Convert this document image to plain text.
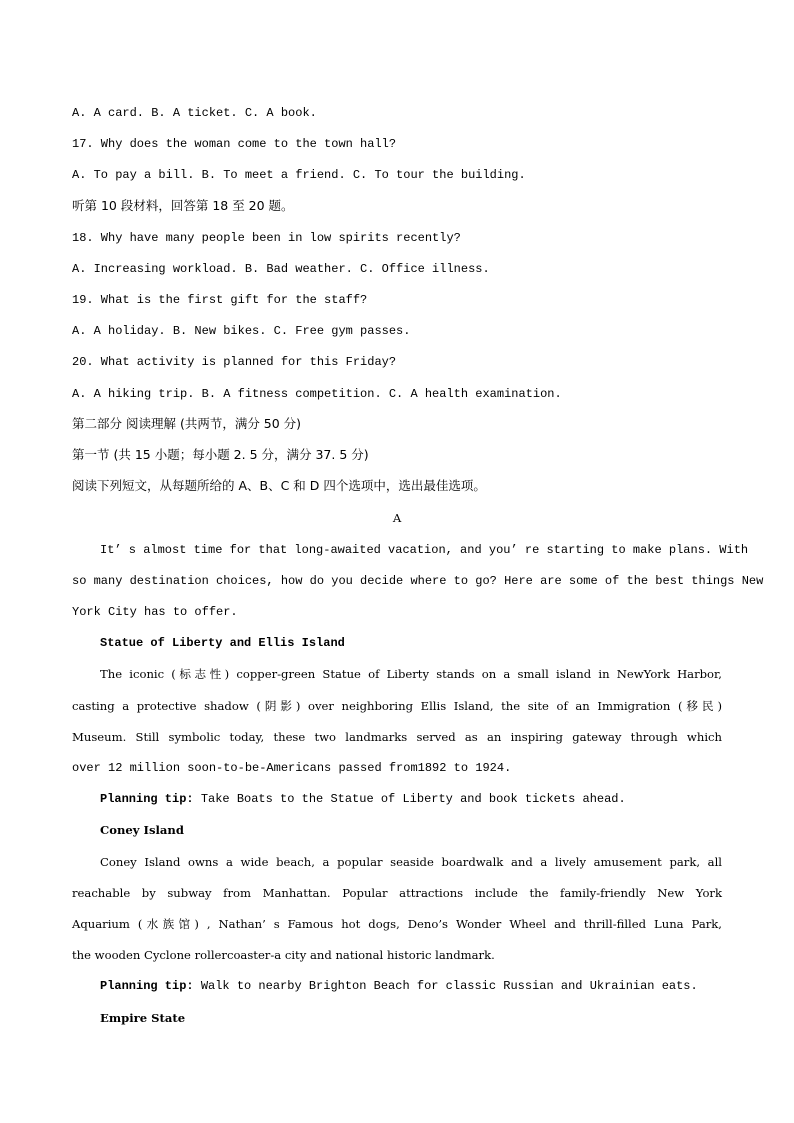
A. A card. B. A ticket. C. A book.
17. Why does the woman come to the town hall?
A. To pay a bill. B. To meet a friend. C. To tour the building.
听第 10 段材料，回答第 18 至 20 题。
18. Why have many people been in low spirits recently?
A. Increasing workload. B. Bad weather. C. Office illness.
19. What is the first gift for the staff?
A. A holiday. B. New bikes. C. Free gym passes.
20. What activity is planned for this Friday?
A. A hiking trip. B. A fitness competition. C. A health examination.
第二部分 阅读理解 (共两节，满分 50 分)
第一节 (共 15 小题；每小题 2. 5 分，满分 37. 5 分)
阅读下列短文，从每题所给的 A、B、C 和 D 四个选项中，选出最佳选项。
A
It’ s almost time for that long-awaited vacation, and you’ re starting to make plans. With
so many destination choices, how do you decide where to go? Here are some of the best things New
York City has to offer.
Statue of Liberty and Ellis Island
The iconic (标志性) copper-green Statue of Liberty stands on a small island in NewYork Harbor,
casting a protective shadow (阴影) over neighboring Ellis Island, the site of an Immigration (移民)
Museum. Still symbolic today, these two landmarks served as an inspiring gateway through which
over 12 million soon-to-be-Americans passed from1892 to 1924.
Planning tip: Take Boats to the Statue of Liberty and book tickets ahead.
Coney Island
Coney Island owns a wide beach, a popular seaside boardwalk and a lively amusement park, all
reachable by subway from Manhattan. Popular attractions include the family-friendly New York
Aquarium (水族馆) , Nathan’ s Famous hot dogs, Deno’s Wonder Wheel and thrill-filled Luna Park,
the wooden Cyclone rollercoaster-a city and national historic landmark.
Planning tip: Walk to nearby Brighton Beach for classic Russian and Ukrainian eats.
Empire State
